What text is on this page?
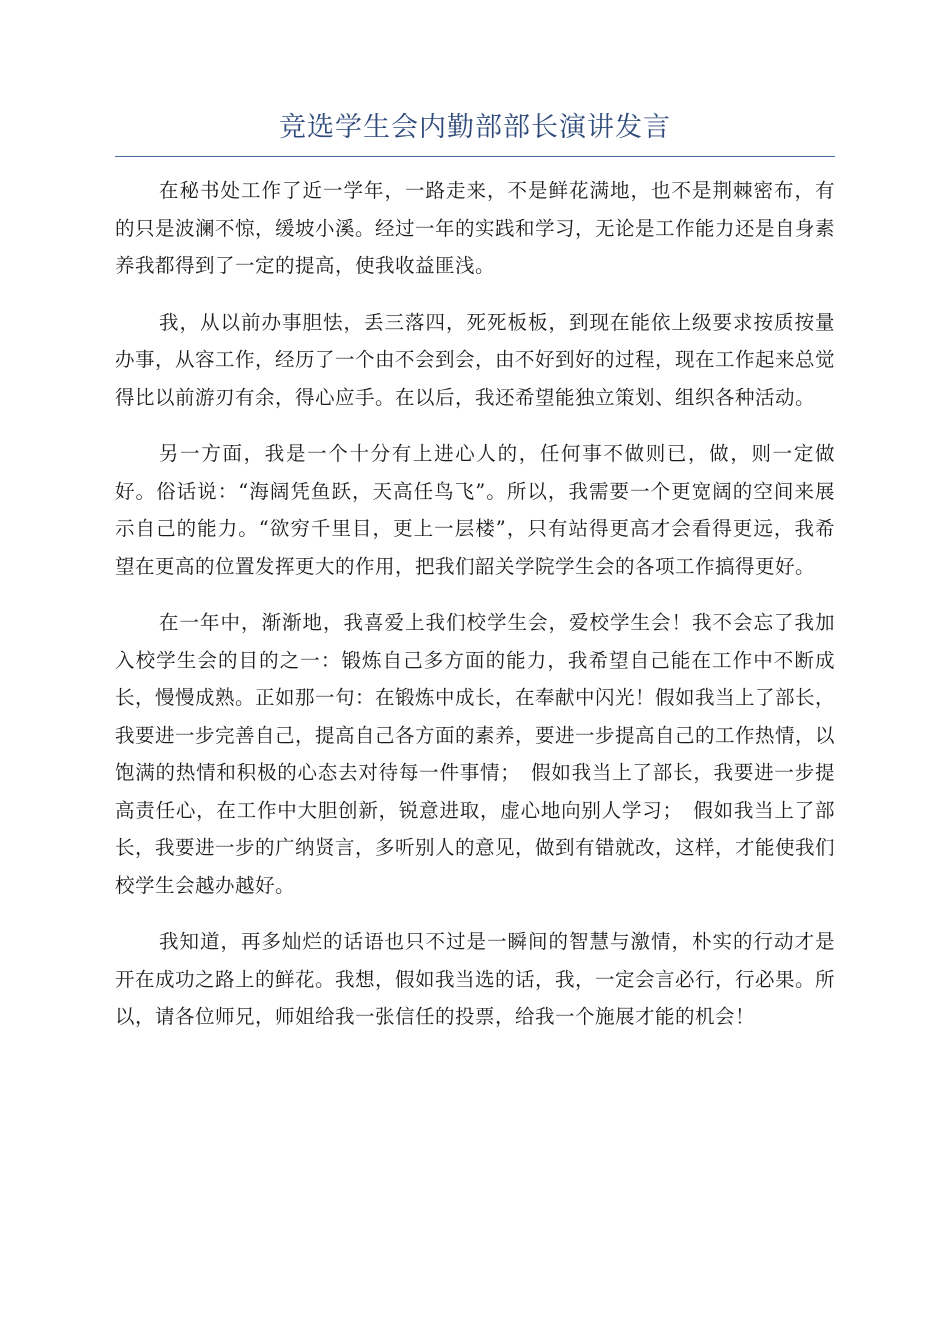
竞选学生会内勤部部长演讲发言

在秘书处工作了近一学年，一路走来，不是鲜花满地，也不是荆棘密布，有的只是波澜不惊，缓坡小溪。经过一年的实践和学习，无论是工作能力还是自身素养我都得到了一定的提高，使我收益匪浅。

我，从以前办事胆怯，丢三落四，死死板板，到现在能依上级要求按质按量办事，从容工作，经历了一个由不会到会，由不好到好的过程，现在工作起来总觉得比以前游刃有余，得心应手。在以后，我还希望能独立策划、组织各种活动。

另一方面，我是一个十分有上进心人的，任何事不做则已，做，则一定做好。俗话说：“海阔凭鱼跃，天高任鸟飞”。所以，我需要一个更宽阔的空间来展示自己的能力。“欲穷千里目，更上一层楼”，只有站得更高才会看得更远，我希望在更高的位置发挥更大的作用，把我们韶关学院学生会的各项工作搞得更好。

在一年中，渐渐地，我喜爱上我们校学生会，爱校学生会！我不会忘了我加入校学生会的目的之一：锻炼自己多方面的能力，我希望自己能在工作中不断成长，慢慢成熟。正如那一句：在锻炼中成长，在奉献中闪光！假如我当上了部长，我要进一步完善自己，提高自己各方面的素养，要进一步提高自己的工作热情，以饱满的热情和积极的心态去对待每一件事情；　假如我当上了部长，我要进一步提高责任心，在工作中大胆创新，锐意进取，虚心地向别人学习；　假如我当上了部长，我要进一步的广纳贤言，多听别人的意见，做到有错就改，这样，才能使我们校学生会越办越好。

我知道，再多灿烂的话语也只不过是一瞬间的智慧与激情，朴实的行动才是开在成功之路上的鲜花。我想，假如我当选的话，我，一定会言必行，行必果。所以，请各位师兄，师姐给我一张信任的投票，给我一个施展才能的机会！
